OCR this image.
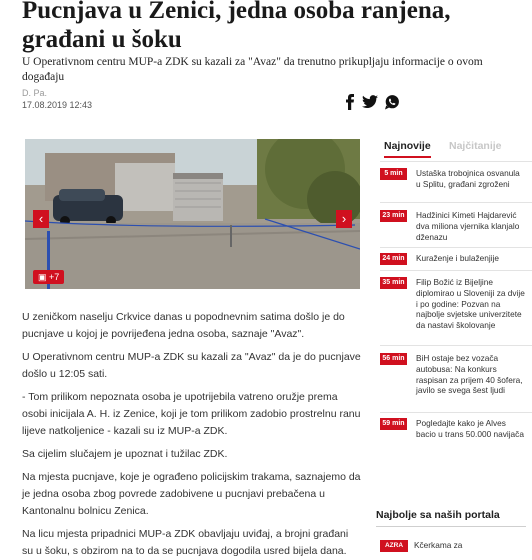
Pucnjava u Zenici, jedna osoba ranjena, građani u šoku

U Operativnom centru MUP-a ZDK su kazali za "Avaz" da trenutno prikupljaju informacije o ovom događaju

D. Pa.
17.08.2019 12:43
‹	›
▣ +7

U zeničkom naselju Crkvice danas u popodnevnim satima došlo je do pucnjave u kojoj je povrijeđena jedna osoba, saznaje "Avaz".

U Operativnom centru MUP-a ZDK su kazali za "Avaz" da je do pucnjave došlo u 12:05 sati.

- Tom prilikom nepoznata osoba je upotrijebila vatreno oružje prema osobi inicijala A. H. iz Zenice, koji je tom prilikom zadobio prostrelnu ranu lijeve natkoljenice - kazali su iz MUP-a ZDK.

Sa cijelim slučajem je upoznat i tužilac ZDK.

Na mjesta pucnjave, koje je ograđeno policijskim trakama, saznajemo da je jedna osoba zbog povrede zadobivene u pucnjavi prebačena u Kantonalnu bolnicu Zenica.

Na licu mjesta pripadnici MUP-a ZDK obavljaju uviđaj, a brojni građani su u šoku, s obzirom na to da se pucnjava dogodila usred bijela dana.

Najnovije Najčitanije
5 min	Ustaška trobojnica osvanula u Splitu, građani zgroženi
23 min Hadžinici Kimeti Hajdarević dva miliona vjernika klanjalo dženazu
24 min Kuraženje i bulaženjije
35 min Filip Božić iz Bijeljine diplomirao u Sloveniji za dvije i po godine: Pozvan na najbolje svjetske univerzitete da nastavi školovanje
56 min BiH ostaje bez vozača autobusa: Na konkurs raspisan za prijem 40 šofera, javilo se svega šest ljudi
59 min Pogledajte kako je Alves bacio u trans 50.000 navijača
Najbolje sa naših portala
AZRA	Kčerkama za
